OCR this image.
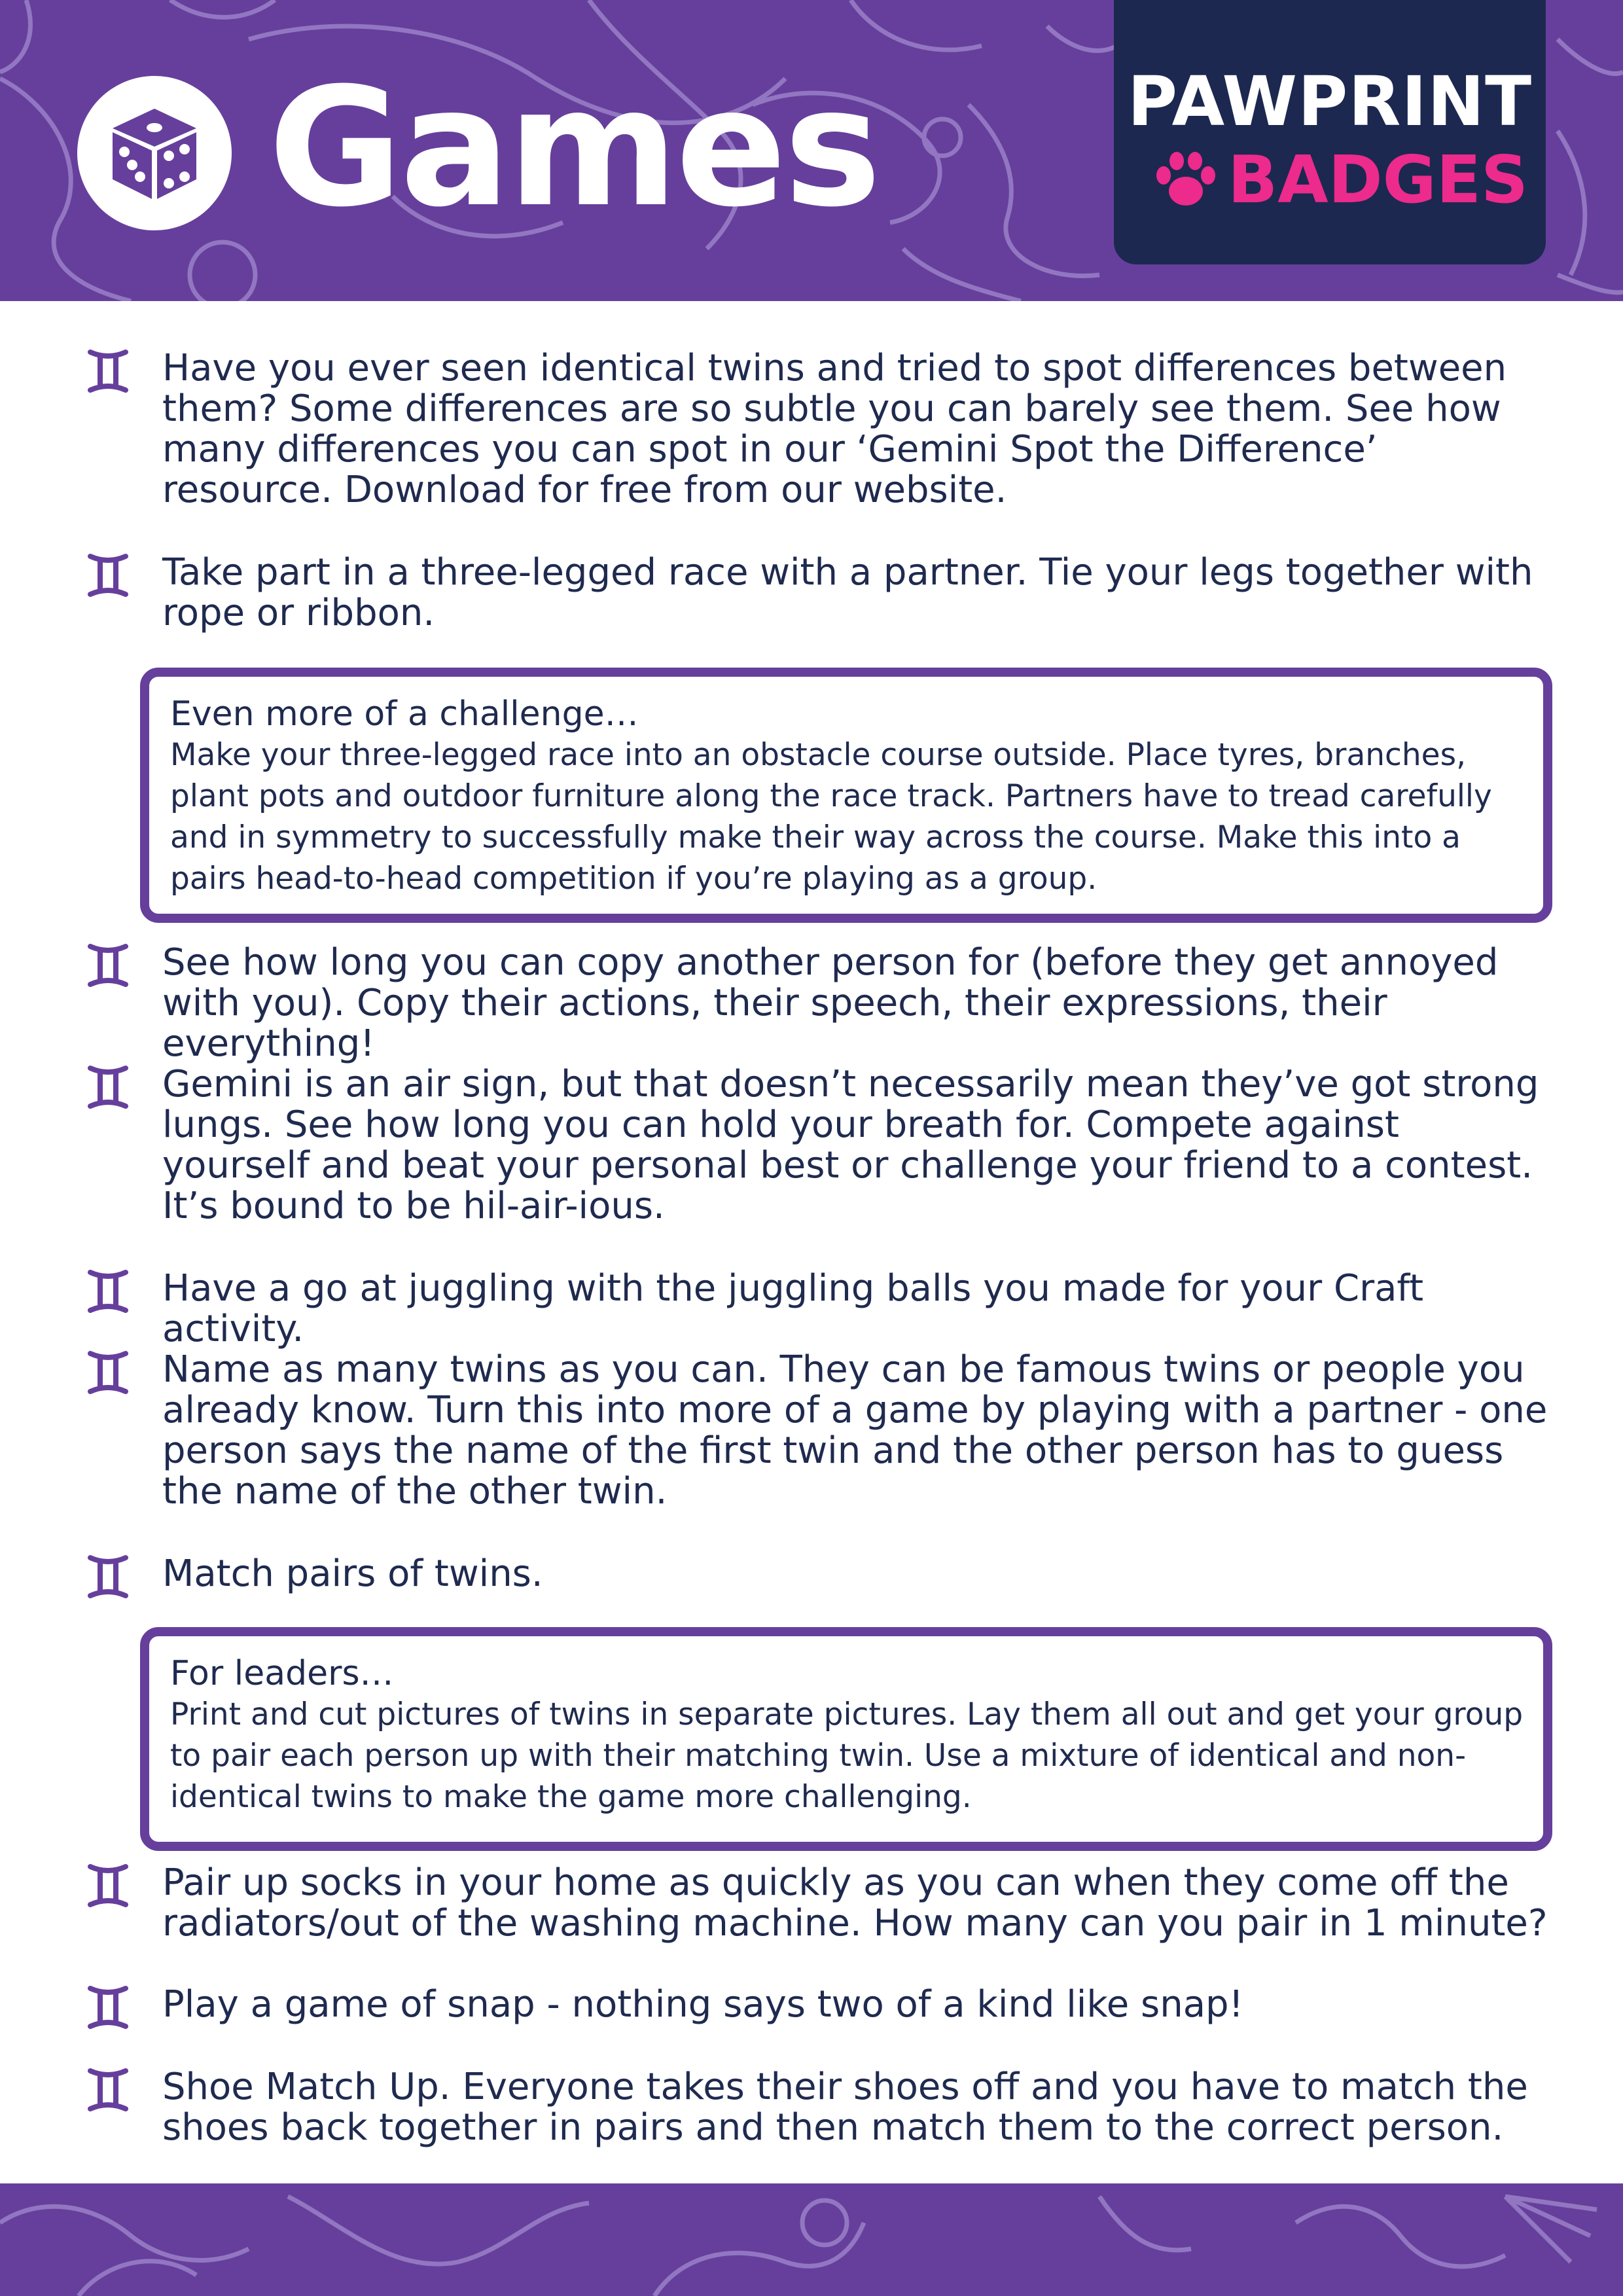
Games	PAWPRINT
BADGES
Have you ever seen identical twins and tried to spot differences between them? Some differences are so subtle you can barely see them. See how many differences you can spot in our ‘Gemini Spot the Difference’ resource. Download for free from our website.
Take part in a three-legged race with a partner. Tie your legs together with rope or ribbon.
Even more of a challenge…
Make your three-legged race into an obstacle course outside. Place tyres, branches, plant pots and outdoor furniture along the race track. Partners have to tread carefully and in symmetry to successfully make their way across the course. Make this into a pairs head-to-head competition if you’re playing as a group.
See how long you can copy another person for (before they get annoyed with you). Copy their actions, their speech, their expressions, their everything!
Gemini is an air sign, but that doesn’t necessarily mean they’ve got strong lungs. See how long you can hold your breath for. Compete against yourself and beat your personal best or challenge your friend to a contest. It’s bound to be hil-air-ious.
Have a go at juggling with the juggling balls you made for your Craft activity.
Name as many twins as you can. They can be famous twins or people you already know. Turn this into more of a game by playing with a partner - one person says the name of the first twin and the other person has to guess the name of the other twin.
Match pairs of twins.
For leaders…
Print and cut pictures of twins in separate pictures. Lay them all out and get your group to pair each person up with their matching twin. Use a mixture of identical and non-identical twins to make the game more challenging.
Pair up socks in your home as quickly as you can when they come off the radiators/out of the washing machine. How many can you pair in 1 minute?
Play a game of snap - nothing says two of a kind like snap!
Shoe Match Up. Everyone takes their shoes off and you have to match the shoes back together in pairs and then match them to the correct person.
